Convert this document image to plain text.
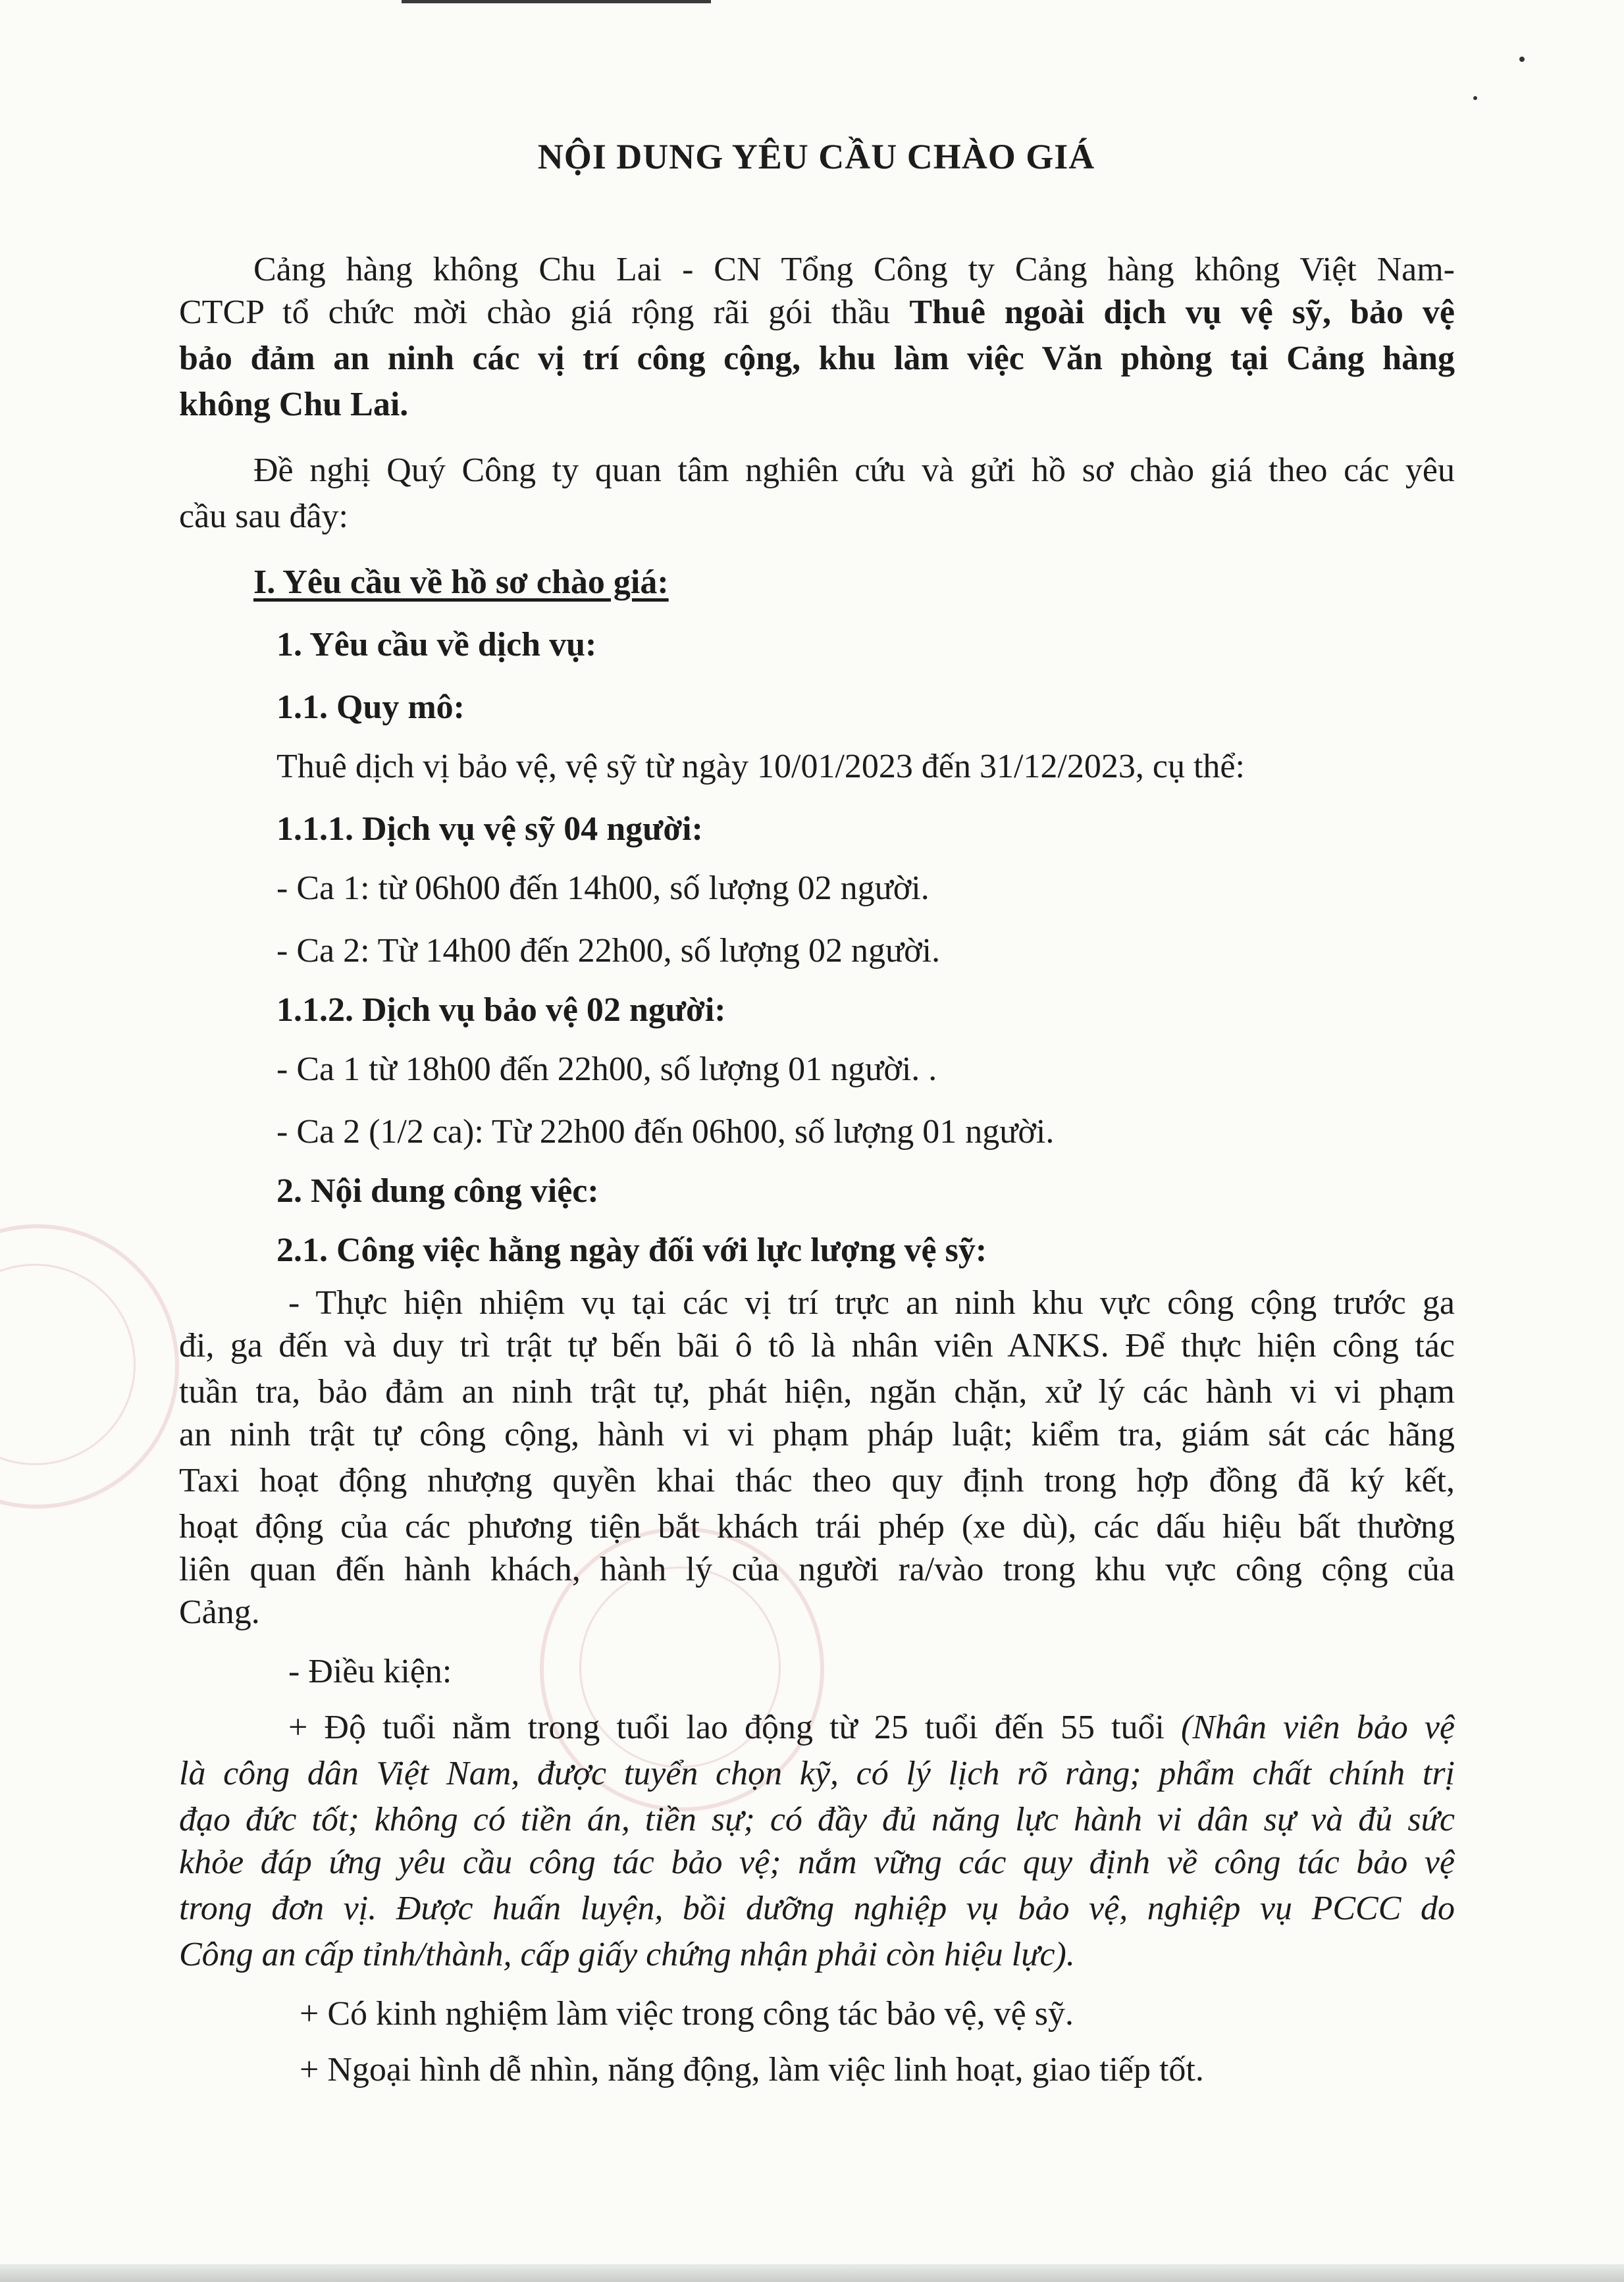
NỘI DUNG YÊU CẦU CHÀO GIÁ
Cảng hàng không Chu Lai - CN Tổng Công ty Cảng hàng không Việt Nam-
CTCP tổ chức mời chào giá rộng rãi gói thầu Thuê ngoài dịch vụ vệ sỹ, bảo vệ
bảo đảm an ninh các vị trí công cộng, khu làm việc Văn phòng tại Cảng hàng
không Chu Lai.
Đề nghị Quý Công ty quan tâm nghiên cứu và gửi hồ sơ chào giá theo các yêu
cầu sau đây:
I. Yêu cầu về hồ sơ chào giá:
1. Yêu cầu về dịch vụ:
1.1. Quy mô:
Thuê dịch vị bảo vệ, vệ sỹ từ ngày 10/01/2023 đến 31/12/2023, cụ thể:
1.1.1. Dịch vụ vệ sỹ 04 người:
- Ca 1: từ 06h00 đến 14h00, số lượng 02 người.
- Ca 2: Từ 14h00 đến 22h00, số lượng 02 người.
1.1.2. Dịch vụ bảo vệ 02 người:
- Ca 1 từ 18h00 đến 22h00, số lượng 01 người. .
- Ca 2 (1/2 ca): Từ 22h00 đến 06h00, số lượng 01 người.
2. Nội dung công việc:
2.1. Công việc hằng ngày đối với lực lượng vệ sỹ:
- Thực hiện nhiệm vụ tại các vị trí trực an ninh khu vực công cộng trước ga
đi, ga đến và duy trì trật tự bến bãi ô tô là nhân viên ANKS. Để thực hiện công tác
tuần tra, bảo đảm an ninh trật tự, phát hiện, ngăn chặn, xử lý các hành vi vi phạm
an ninh trật tự công cộng, hành vi vi phạm pháp luật; kiểm tra, giám sát các hãng
Taxi hoạt động nhượng quyền khai thác theo quy định trong hợp đồng đã ký kết,
hoạt động của các phương tiện bắt khách trái phép (xe dù), các dấu hiệu bất thường
liên quan đến hành khách, hành lý của người ra/vào trong khu vực công cộng của
Cảng.
- Điều kiện:
+ Độ tuổi nằm trong tuổi lao động từ 25 tuổi đến 55 tuổi (Nhân viên bảo vệ
là công dân Việt Nam, được tuyển chọn kỹ, có lý lịch rõ ràng; phẩm chất chính trị
đạo đức tốt; không có tiền án, tiền sự; có đầy đủ năng lực hành vi dân sự và đủ sức
khỏe đáp ứng yêu cầu công tác bảo vệ; nắm vững các quy định về công tác bảo vệ
trong đơn vị. Được huấn luyện, bồi dưỡng nghiệp vụ bảo vệ, nghiệp vụ PCCC do
Công an cấp tỉnh/thành, cấp giấy chứng nhận phải còn hiệu lực).
+ Có kinh nghiệm làm việc trong công tác bảo vệ, vệ sỹ.
+ Ngoại hình dễ nhìn, năng động, làm việc linh hoạt, giao tiếp tốt.
